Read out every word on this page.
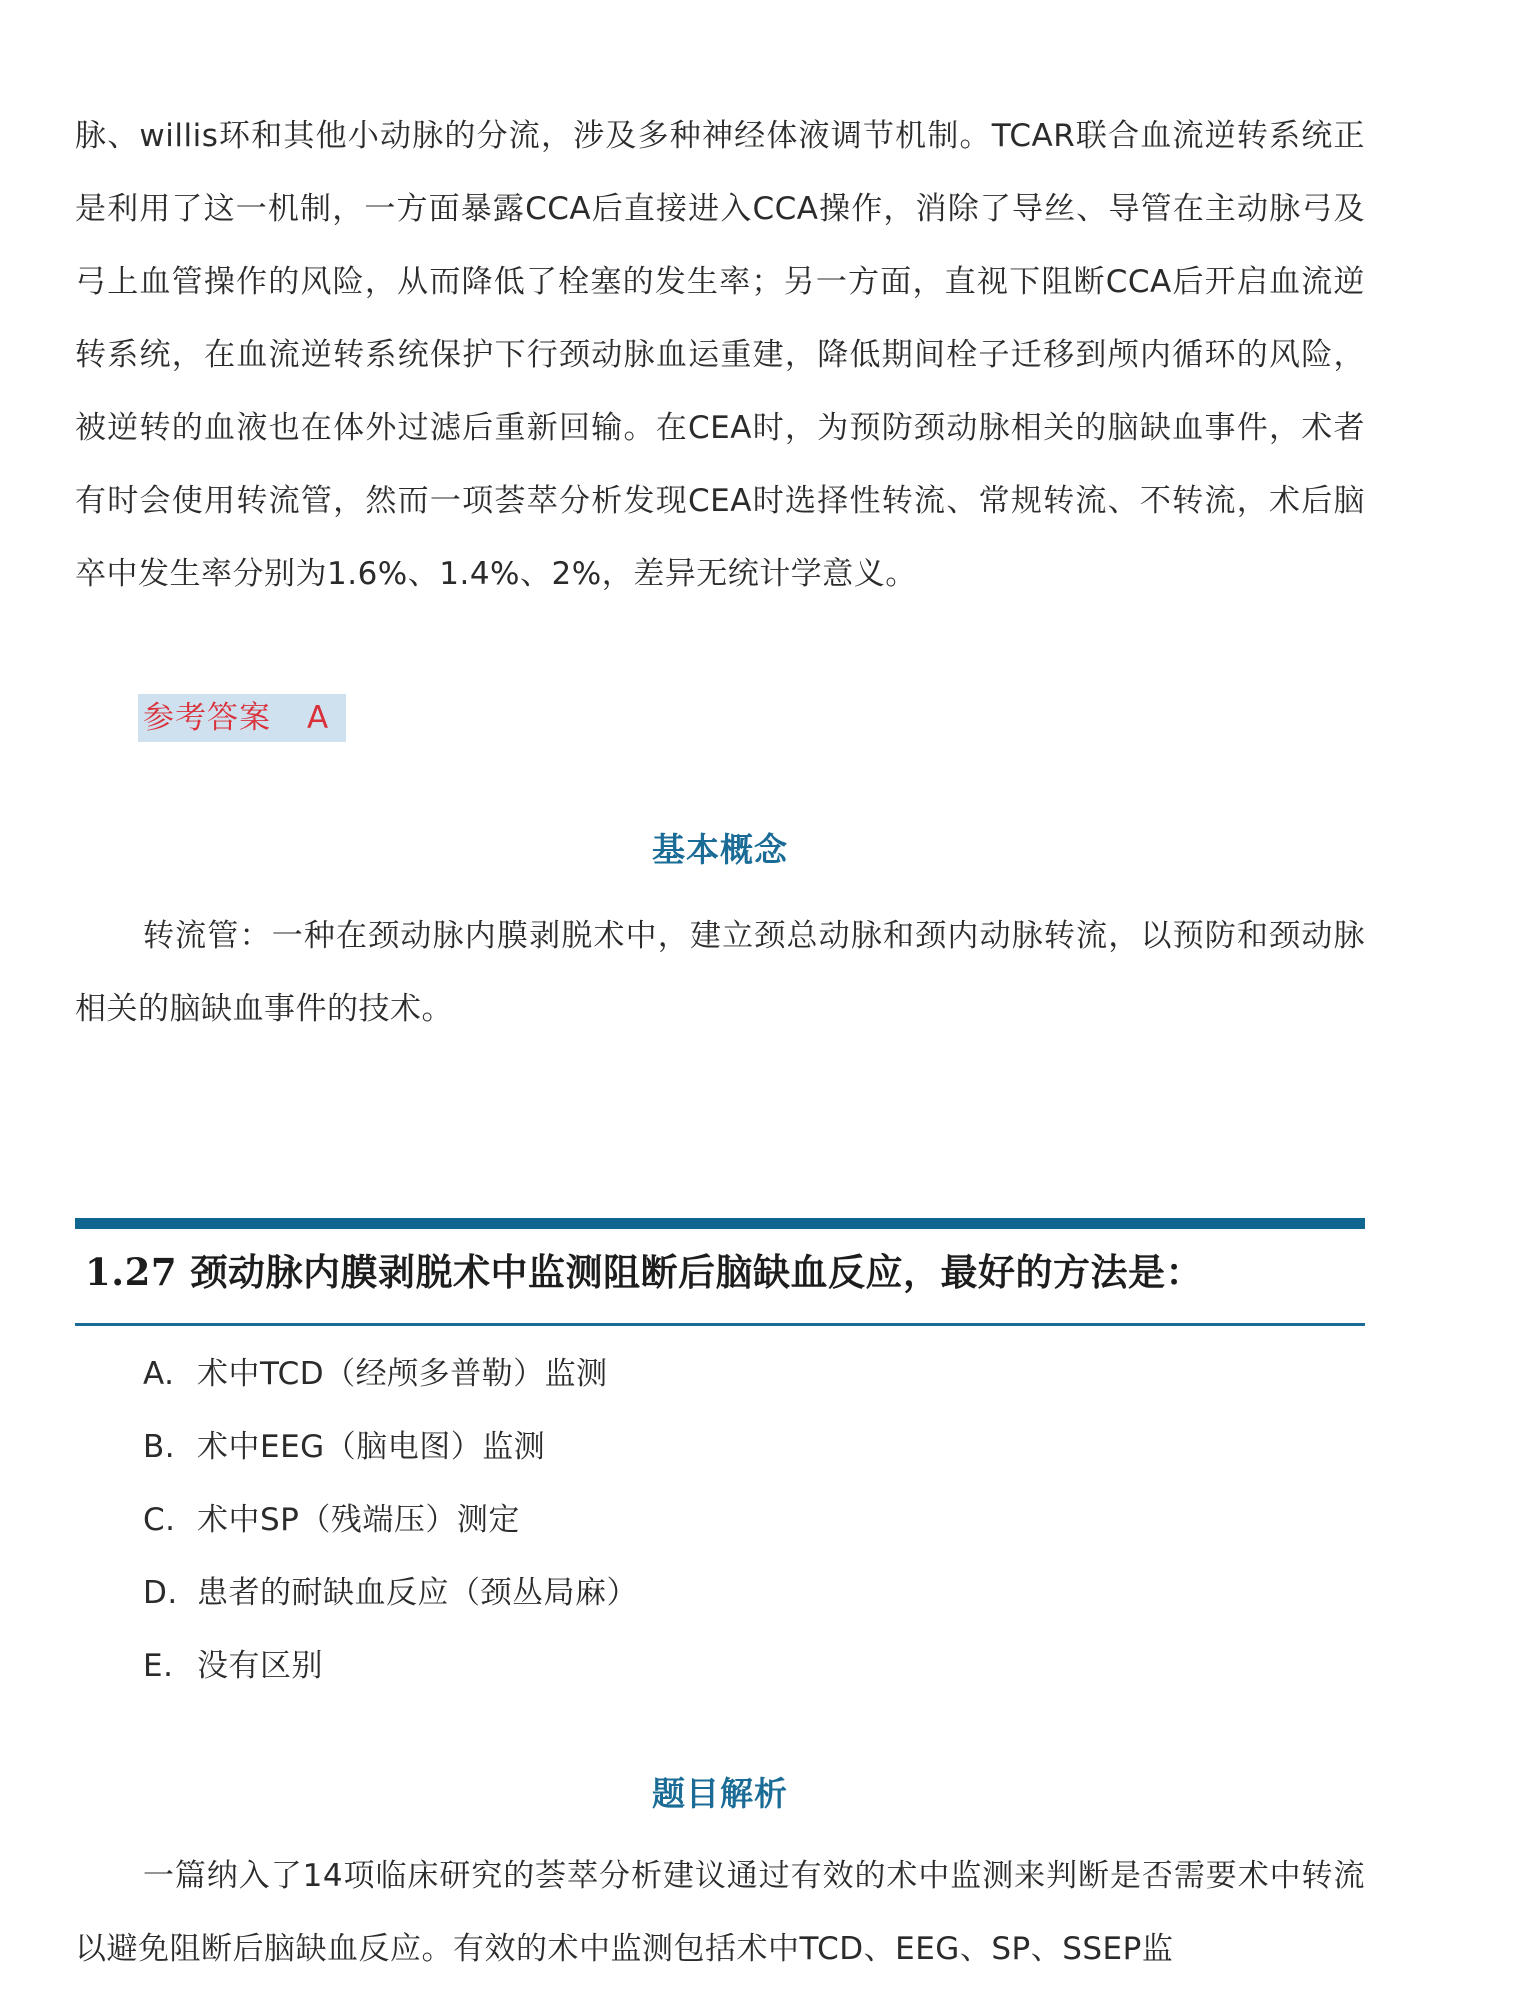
脉、willis环和其他小动脉的分流，涉及多种神经体液调节机制。TCAR联合血流逆转系统正是利用了这一机制，一方面暴露CCA后直接进入CCA操作，消除了导丝、导管在主动脉弓及弓上血管操作的风险，从而降低了栓塞的发生率；另一方面，直视下阻断CCA后开启血流逆转系统，在血流逆转系统保护下行颈动脉血运重建，降低期间栓子迁移到颅内循环的风险，被逆转的血液也在体外过滤后重新回输。在CEA时，为预防颈动脉相关的脑缺血事件，术者有时会使用转流管，然而一项荟萃分析发现CEA时选择性转流、常规转流、不转流，术后脑卒中发生率分别为1.6%、1.4%、2%，差异无统计学意义。

参考答案 A
基本概念

转流管：一种在颈动脉内膜剥脱术中，建立颈总动脉和颈内动脉转流，以预防和颈动脉相关的脑缺血事件的技术。

1.27 颈动脉内膜剥脱术中监测阻断后脑缺血反应，最好的方法是：
A. 术中TCD（经颅多普勒）监测
B. 术中EEG（脑电图）监测
C. 术中SP（残端压）测定
D. 患者的耐缺血反应（颈丛局麻）
E. 没有区别
题目解析

一篇纳入了14项临床研究的荟萃分析建议通过有效的术中监测来判断是否需要术中转流以避免阻断后脑缺血反应。有效的术中监测包括术中TCD、EEG、SP、SSEP监
